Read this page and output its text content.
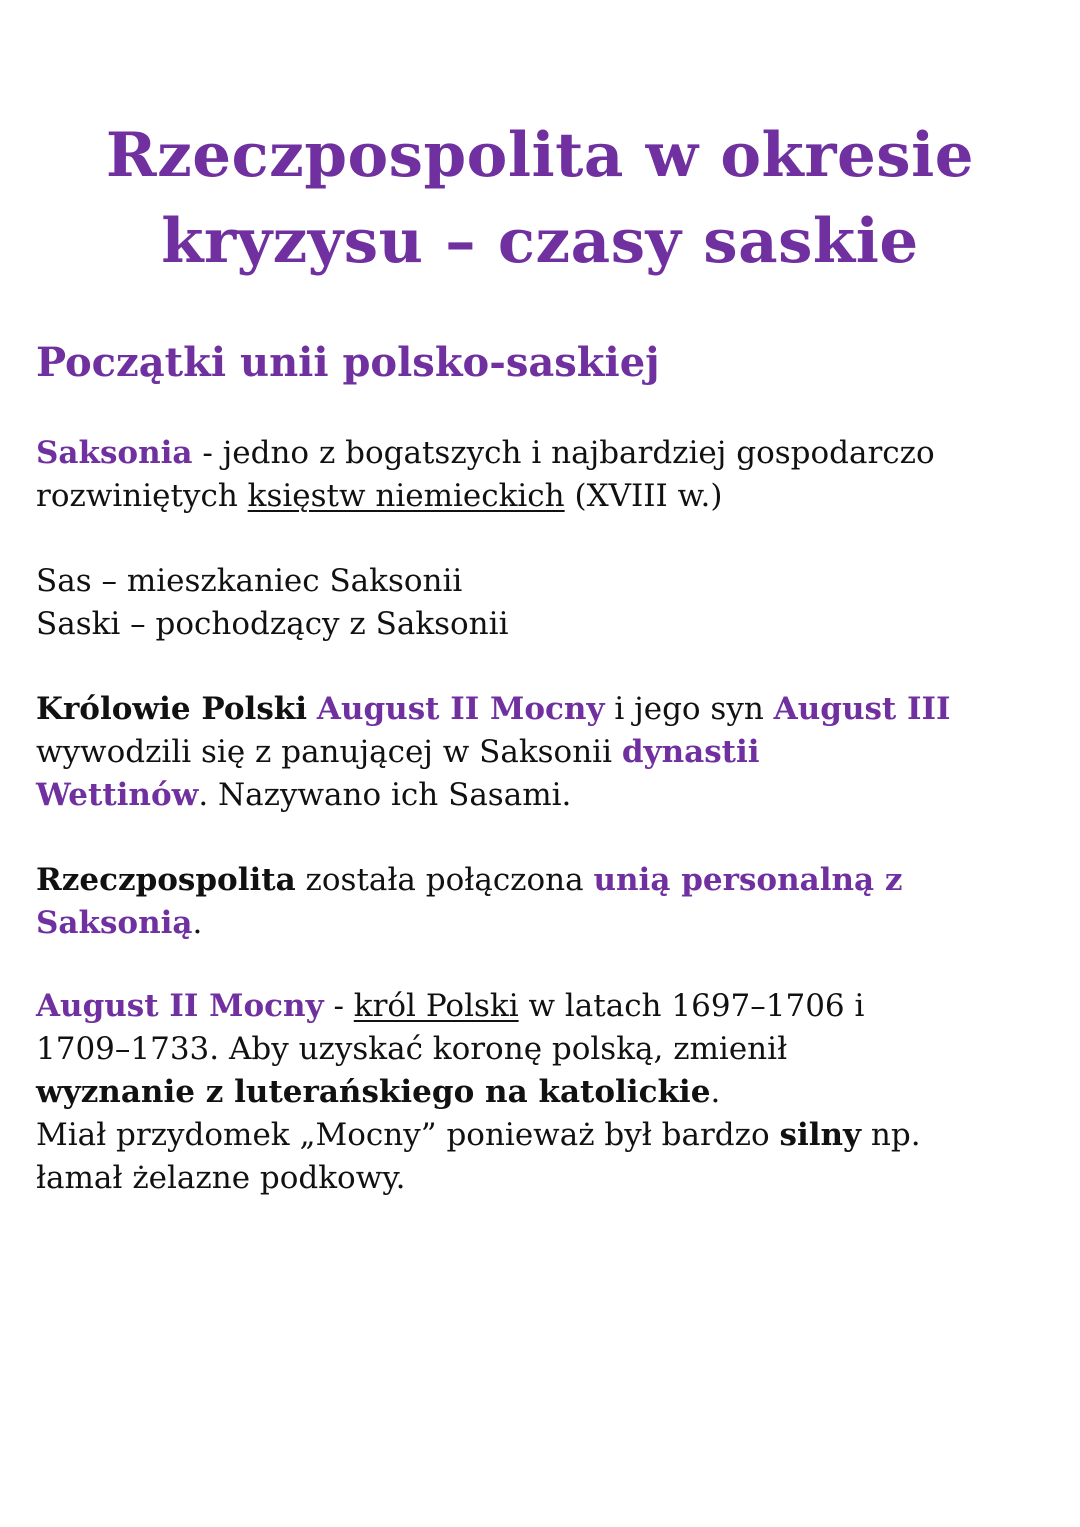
Rzeczpospolita w okresie
kryzysu – czasy saskie
Początki unii polsko-saskiej

Saksonia - jedno z bogatszych i najbardziej gospodarczo
rozwiniętych księstw niemieckich (XVIII w.)

Sas – mieszkaniec Saksonii
Saski – pochodzący z Saksonii

Królowie Polski August II Mocny i jego syn August III
wywodzili się z panującej w Saksonii dynastii
Wettinów. Nazywano ich Sasami.

Rzeczpospolita została połączona unią personalną z
Saksonią.

August II Mocny - król Polski w latach 1697–1706 i
1709–1733. Aby uzyskać koronę polską, zmienił
wyznanie z luterańskiego na katolickie.
Miał przydomek „Mocny” ponieważ był bardzo silny np.
łamał żelazne podkowy.
